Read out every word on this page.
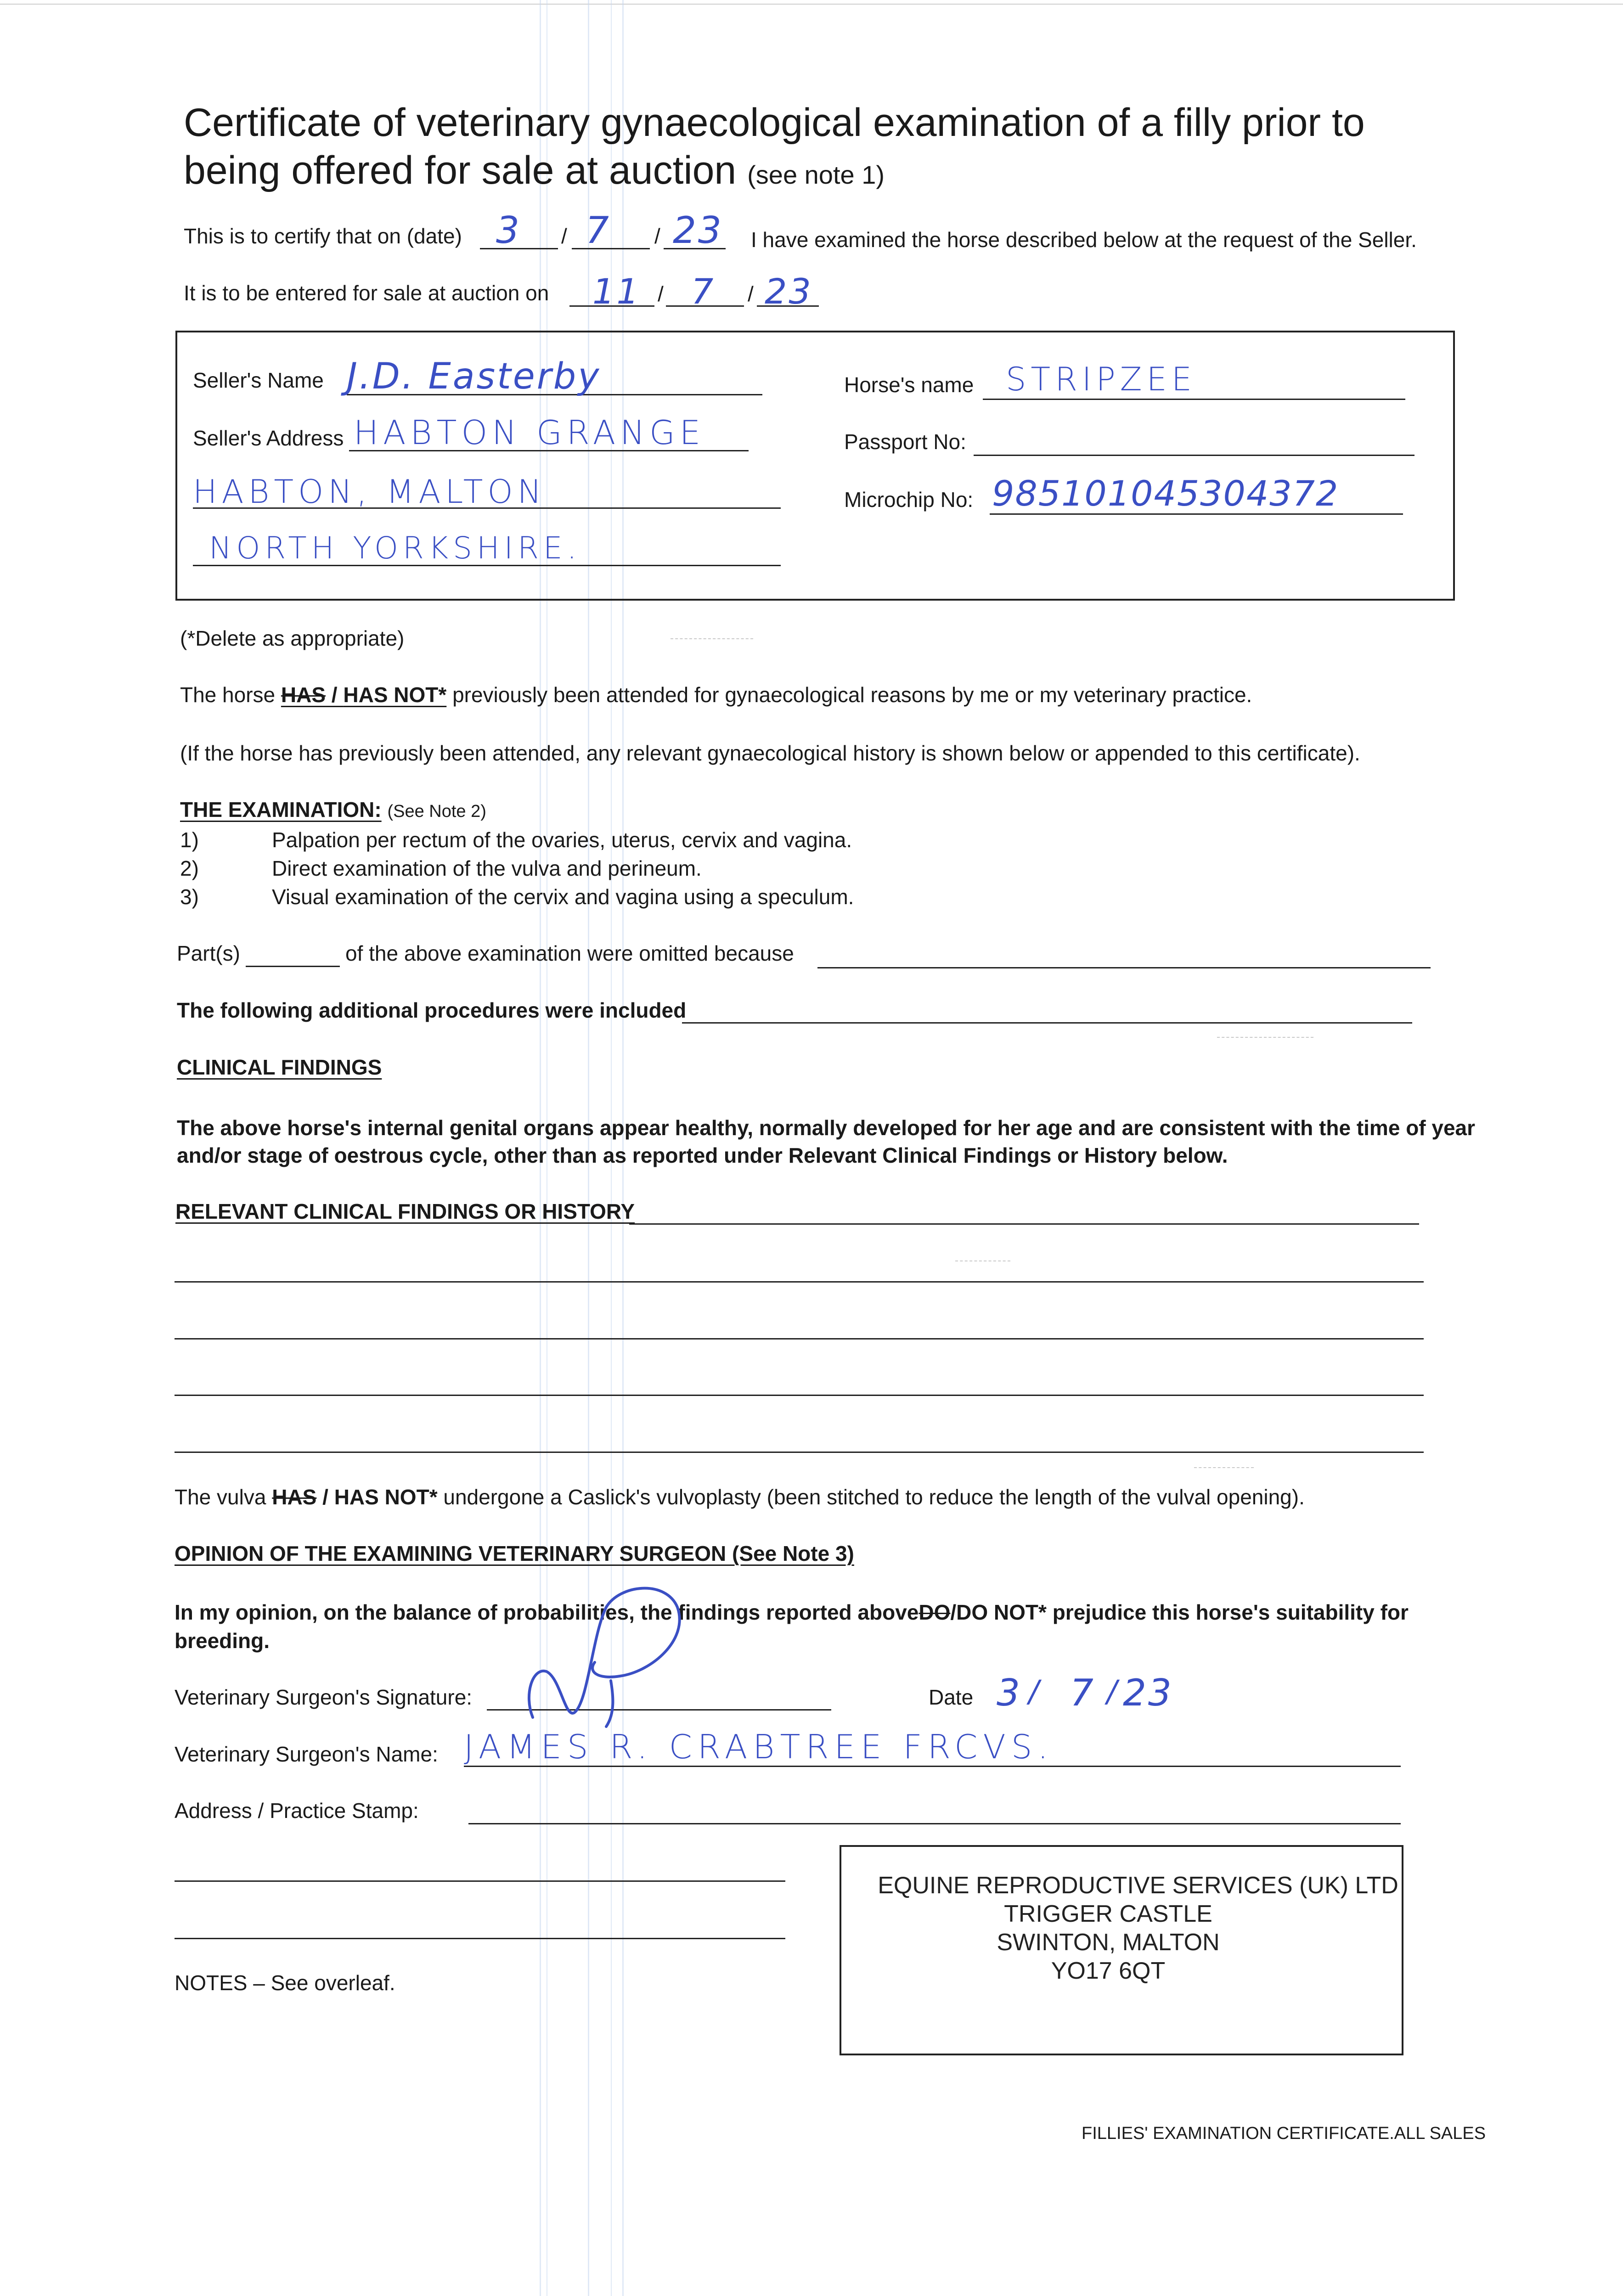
Certificate of veterinary gynaecological examination of a filly prior to
being offered for sale at auction (see note 1)
This is to certify that on (date) 3 / 7 / 23 I have examined the horse described below at the request of the Seller.
It is to be entered for sale at auction on 11 / 7 / 23
Seller's Name J.D. Easterby
Seller's Address HABTON GRANGE
HABTON, MALTON
NORTH YORKSHIRE.
Horse's name STRIPZEE
Passport No:
Microchip No: 985101045304372
(*Delete as appropriate)
The horse HAS / HAS NOT* previously been attended for gynaecological reasons by me or my veterinary practice.
(If the horse has previously been attended, any relevant gynaecological history is shown below or appended to this certificate).
THE EXAMINATION: (See Note 2)
1)	Palpation per rectum of the ovaries, uterus, cervix and vagina.
2)	Direct examination of the vulva and perineum.
3)	Visual examination of the cervix and vagina using a speculum.
Part(s)	of the above examination were omitted because
The following additional procedures were included
CLINICAL FINDINGS
The above horse's internal genital organs appear healthy, normally developed for her age and are consistent with the time of year
and/or stage of oestrous cycle, other than as reported under Relevant Clinical Findings or History below.
RELEVANT CLINICAL FINDINGS OR HISTORY
The vulva HAS / HAS NOT* undergone a Caslick's vulvoplasty (been stitched to reduce the length of the vulval opening).
OPINION OF THE EXAMINING VETERINARY SURGEON (See Note 3)
In my opinion, on the balance of probabilities, the findings reported aboveDO/DO NOT* prejudice this horse's suitability for
breeding.
Veterinary Surgeon's Signature:	Date 3 / 7 / 23
Veterinary Surgeon's Name: JAMES R. CRABTREE FRCVS.
Address / Practice Stamp:
EQUINE REPRODUCTIVE SERVICES (UK) LTD
TRIGGER CASTLE
SWINTON, MALTON
YO17 6QT
NOTES – See overleaf.
FILLIES' EXAMINATION CERTIFICATE.ALL SALES
